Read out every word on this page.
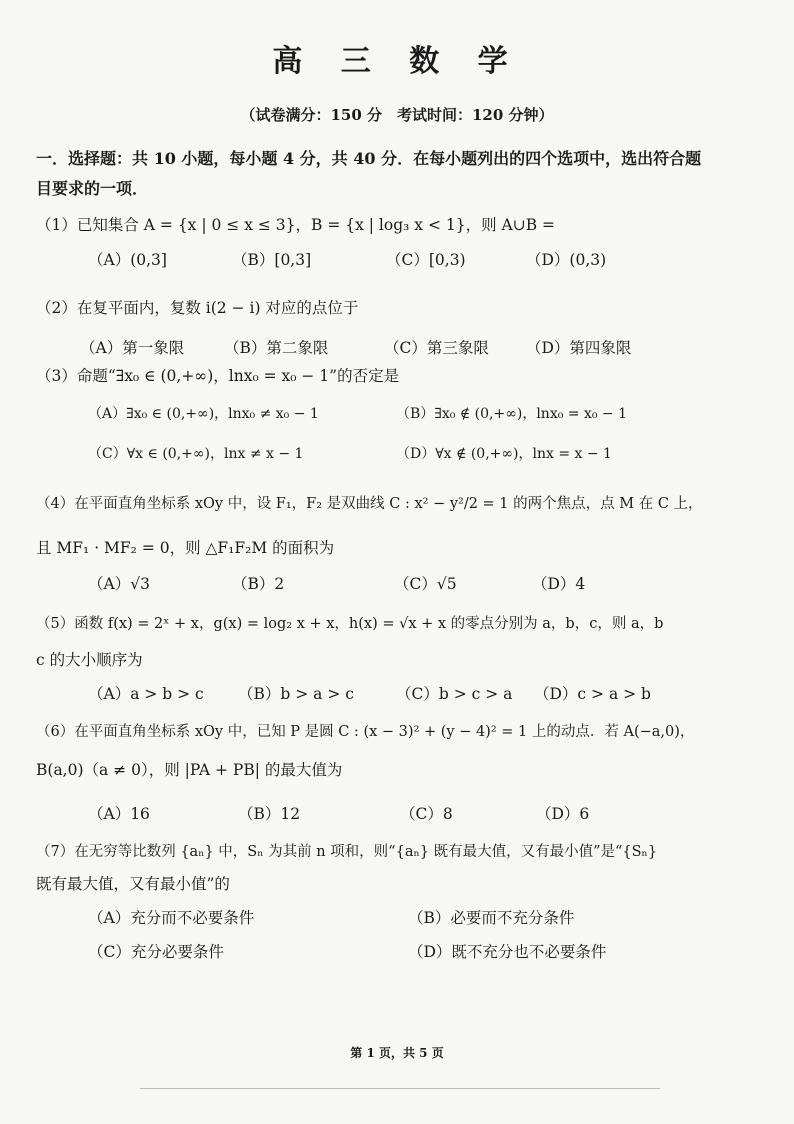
高 三 数 学
（试卷满分：150 分　考试时间：120 分钟）
一．选择题：共 10 小题，每小题 4 分，共 40 分．在每小题列出的四个选项中，选出符合题
目要求的一项．
（1）已知集合 A = {x | 0 ≤ x ≤ 3}，B = {x | log₃ x < 1}，则 A∪B =
（A）(0,3]	（B）[0,3]	（C）[0,3)	（D）(0,3)
（2）在复平面内，复数 i(2 − i) 对应的点位于
（A）第一象限	（B）第二象限	（C）第三象限 （D）第四象限
（3）命题“∃x₀ ∈ (0,+∞)，lnx₀ = x₀ − 1”的否定是
（A）∃x₀ ∈ (0,+∞)，lnx₀ ≠ x₀ − 1	（B）∃x₀ ∉ (0,+∞)，lnx₀ = x₀ − 1
（C）∀x ∈ (0,+∞)，lnx ≠ x − 1	（D）∀x ∉ (0,+∞)，lnx = x − 1
（4）在平面直角坐标系 xOy 中，设 F₁，F₂ 是双曲线 C : x² − y²/2 = 1 的两个焦点，点 M 在 C 上，
且 MF₁ · MF₂ = 0，则 △F₁F₂M 的面积为
（A）√3	（B）2	（C）√5	（D）4
（5）函数 f(x) = 2ˣ + x，g(x) = log₂ x + x，h(x) = √x + x 的零点分别为 a，b，c，则 a，b
c 的大小顺序为
（A）a > b > c （B）b > a > c	（C）b > c > a （D）c > a > b
（6）在平面直角坐标系 xOy 中，已知 P 是圆 C : (x − 3)² + (y − 4)² = 1 上的动点．若 A(−a,0)，
B(a,0)（a ≠ 0），则 |PA + PB| 的最大值为
（A）16	（B）12	（C）8	（D）6
（7）在无穷等比数列 {aₙ} 中，Sₙ 为其前 n 项和，则“{aₙ} 既有最大值，又有最小值”是“{Sₙ}
既有最大值，又有最小值”的
（A）充分而不必要条件	（B）必要而不充分条件
（C）充分必要条件	（D）既不充分也不必要条件
第 1 页，共 5 页
